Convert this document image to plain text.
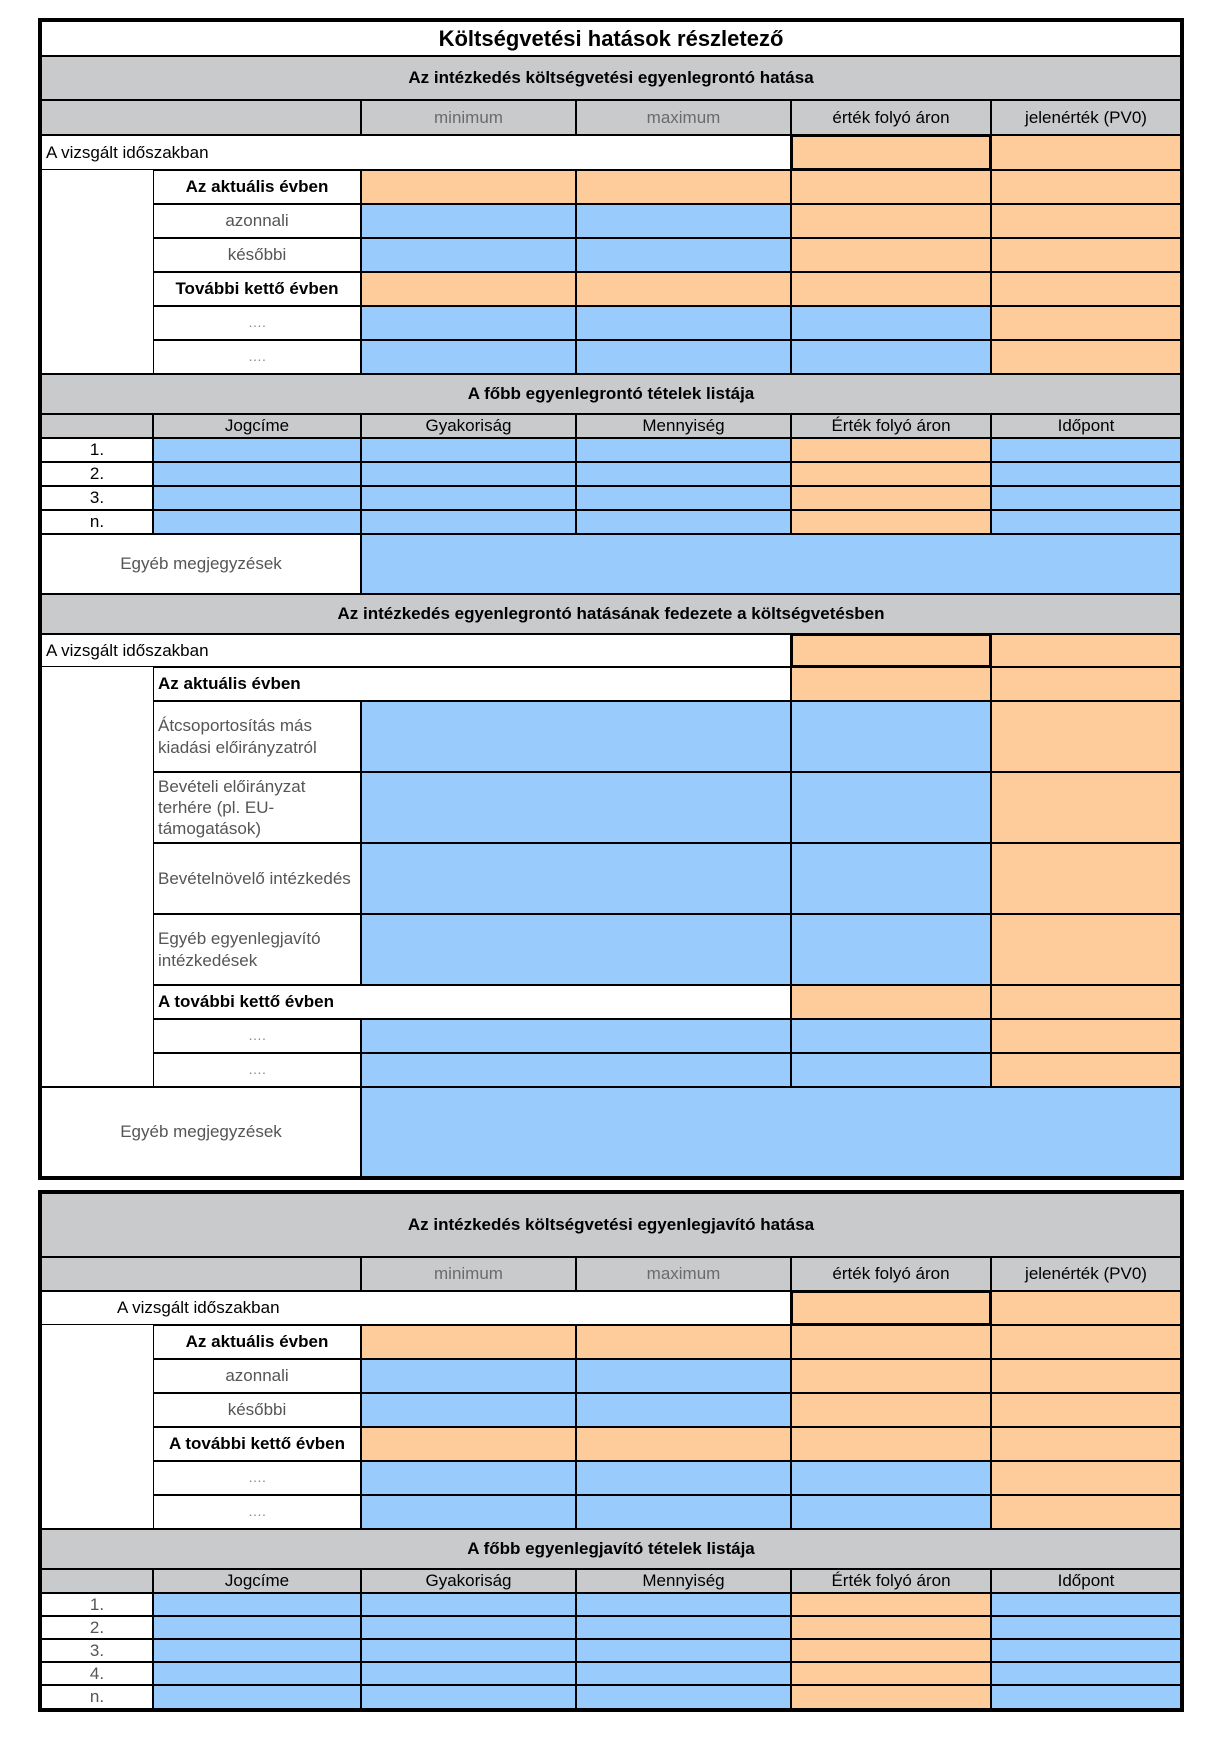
Költségvetési hatások részletező
Az intézkedés költségvetési egyenlegrontó hatása
minimum	maximum	érték folyó áron	jelenérték (PV0)
A vizsgált időszakban
Az aktuális évben
azonnali
későbbi
További kettő évben
….
….
A főbb egyenlegrontó tételek listája
Jogcíme	Gyakoriság	Mennyiség	Érték folyó áron	Időpont
1.
2.
3.
n.
Egyéb megjegyzések
Az intézkedés egyenlegrontó hatásának fedezete a költségvetésben
A vizsgált időszakban
Az aktuális évben
Átcsoportosítás más kiadási előirányzatról
Bevételi előirányzat terhére (pl. EU-támogatások)
Bevételnövelő intézkedés
Egyéb egyenlegjavító intézkedések
A további kettő évben
….
….
Egyéb megjegyzések
Az intézkedés költségvetési egyenlegjavító hatása
minimum	maximum	érték folyó áron	jelenérték (PV0)
A vizsgált időszakban
Az aktuális évben
azonnali
későbbi
A további kettő évben
….
….
A főbb egyenlegjavító tételek listája
Jogcíme	Gyakoriság	Mennyiség	Érték folyó áron	Időpont
1.
2.
3.
4.
n.
